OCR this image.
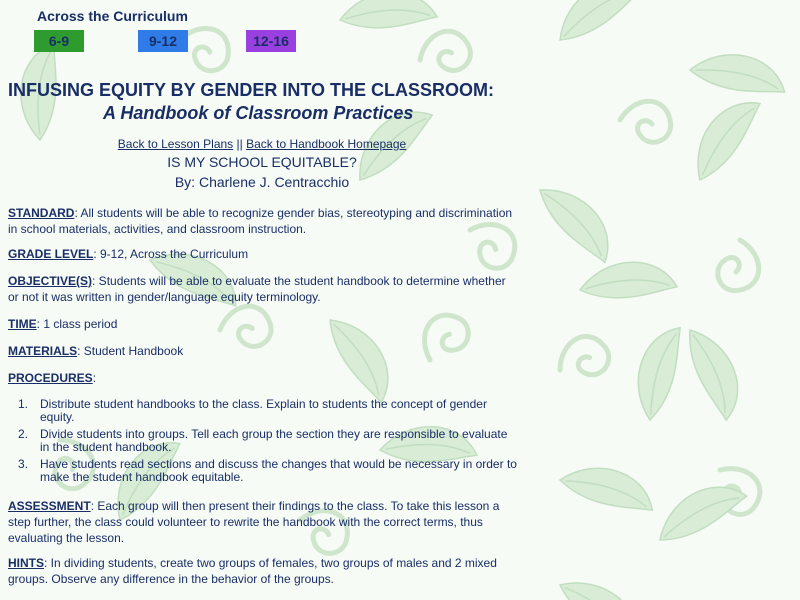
Across the Curriculum
6-9	9-12	12-16
INFUSING EQUITY BY GENDER INTO THE CLASSROOM:
A Handbook of Classroom Practices
Back to Lesson Plans || Back to Handbook Homepage
IS MY SCHOOL EQUITABLE?
By: Charlene J. Centracchio
STANDARD: All students will be able to recognize gender bias, stereotyping and discrimination in school materials, activities, and classroom instruction.
GRADE LEVEL: 9-12, Across the Curriculum
OBJECTIVE(S): Students will be able to evaluate the student handbook to determine whether or not it was written in gender/language equity terminology.
TIME: 1 class period
MATERIALS: Student Handbook
PROCEDURES:
1. Distribute student handbooks to the class. Explain to students the concept of gender equity.
2. Divide students into groups. Tell each group the section they are responsible to evaluate in the student handbook.
3. Have students read sections and discuss the changes that would be necessary in order to make the student handbook equitable.
ASSESSMENT: Each group will then present their findings to the class. To take this lesson a step further, the class could volunteer to rewrite the handbook with the correct terms, thus evaluating the lesson.
HINTS: In dividing students, create two groups of females, two groups of males and 2 mixed groups. Observe any difference in the behavior of the groups.
